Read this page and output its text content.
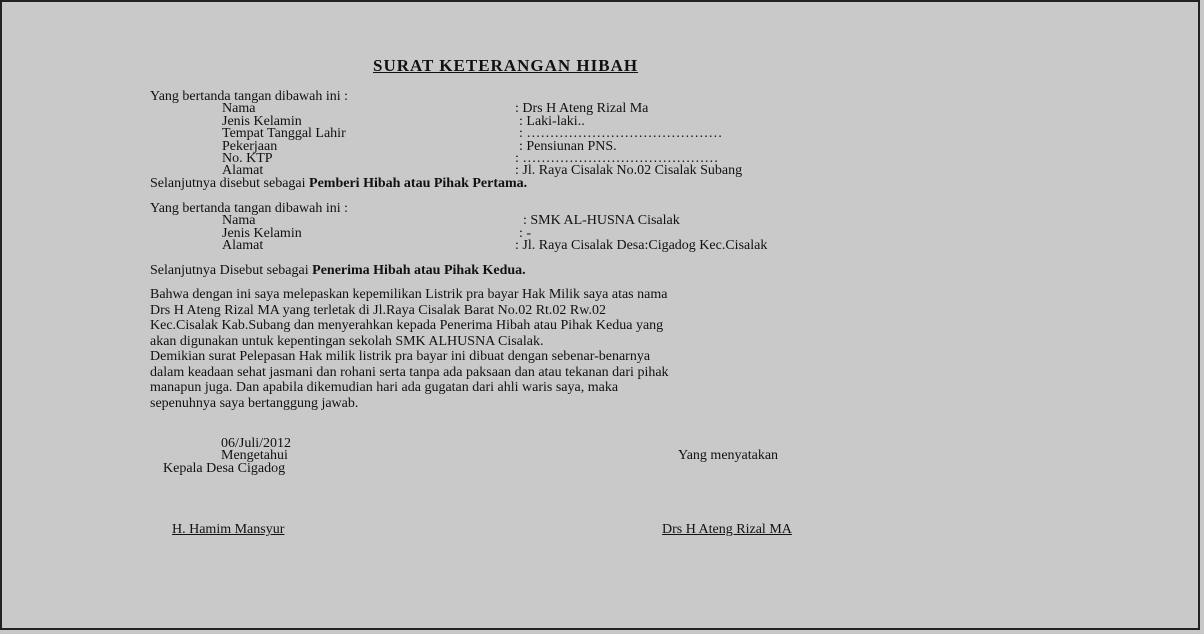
SURAT KETERANGAN HIBAH
Yang bertanda tangan dibawah ini :
Nama	: Drs H Ateng Rizal Ma
Jenis Kelamin	: Laki-laki..
Tempat Tanggal Lahir	: ……………………………………
Pekerjaan	: Pensiunan PNS.
No. KTP	: ……………………………………
Alamat	: Jl. Raya Cisalak No.02 Cisalak Subang
Selanjutnya disebut sebagai Pemberi Hibah atau Pihak Pertama.
Yang bertanda tangan dibawah ini :
Nama	: SMK AL-HUSNA Cisalak
Jenis Kelamin	: -
Alamat	: Jl. Raya Cisalak Desa:Cigadog Kec.Cisalak
Selanjutnya Disebut sebagai Penerima Hibah atau Pihak Kedua.
Bahwa dengan ini saya melepaskan kepemilikan Listrik pra bayar Hak Milik saya atas nama
Drs H Ateng Rizal MA yang terletak di Jl.Raya Cisalak Barat No.02 Rt.02 Rw.02
Kec.Cisalak Kab.Subang dan menyerahkan kepada Penerima Hibah atau Pihak Kedua yang
akan digunakan untuk kepentingan sekolah SMK ALHUSNA Cisalak.
Demikian surat Pelepasan Hak milik listrik pra bayar ini dibuat dengan sebenar-benarnya
dalam keadaan sehat jasmani dan rohani serta tanpa ada paksaan dan atau tekanan dari pihak
manapun juga. Dan apabila dikemudian hari ada gugatan dari ahli waris saya, maka
sepenuhnya saya bertanggung jawab.
06/Juli/2012
Mengetahui	Yang menyatakan
Kepala Desa Cigadog
H. Hamim Mansyur	Drs H Ateng Rizal MA
